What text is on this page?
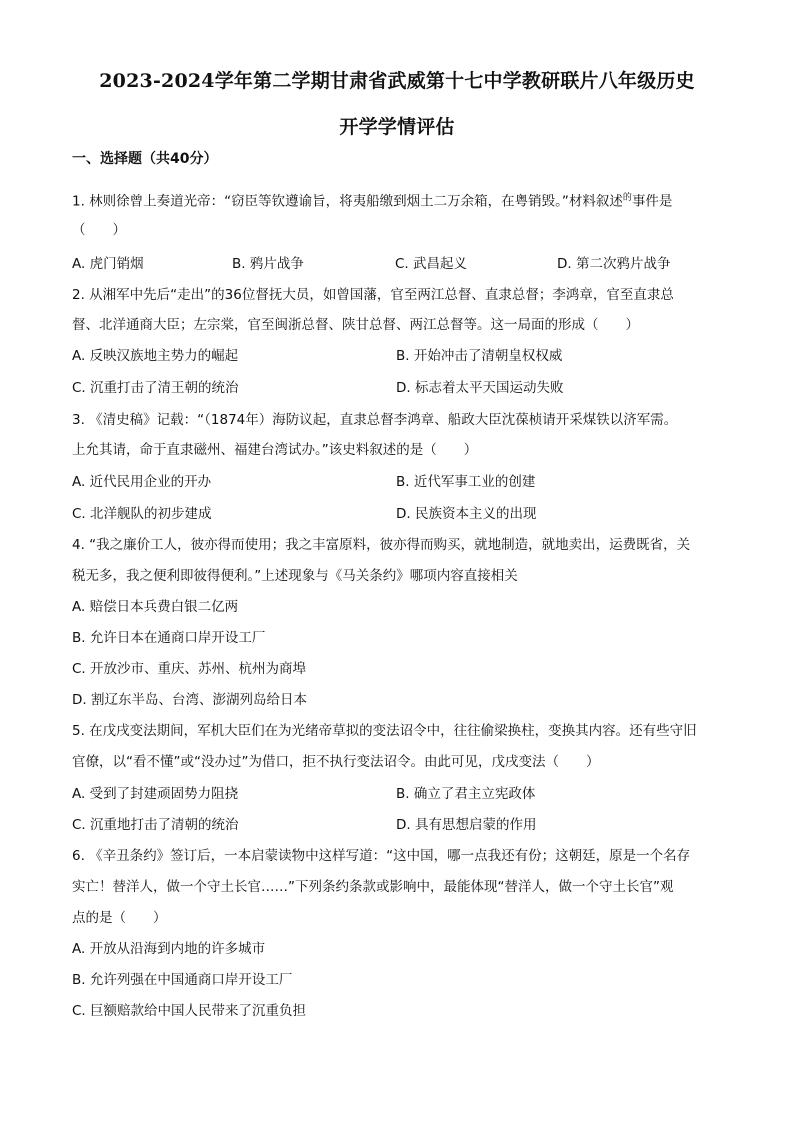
2023-2024学年第二学期甘肃省武威第十七中学教研联片八年级历史
开学学情评估
一、选择题（共40分）
1. 林则徐曾上奏道光帝：“窃臣等钦遵谕旨，将夷船缴到烟土二万余箱，在粤销毁。”材料叙述$^的$事件是
（　　）
A. 虎门销烟	B. 鸦片战争	C. 武昌起义	D. 第二次鸦片战争
2. 从湘军中先后“走出”的36位督抚大员，如曾国藩，官至两江总督、直隶总督；李鸿章，官至直隶总
督、北洋通商大臣；左宗棠，官至闽浙总督、陕甘总督、两江总督等。这一局面的形成（　　）
A. 反映汉族地主势力的崛起	B. 开始冲击了清朝皇权权威
C. 沉重打击了清王朝的统治	D. 标志着太平天国运动失败
3. 《清史稿》记载：“（1874年）海防议起，直隶总督李鸿章、船政大臣沈葆桢请开采煤铁以济军需。
上允其请，命于直隶磁州、福建台湾试办。”该史料叙述的是（　　）
A. 近代民用企业的开办	B. 近代军事工业的创建
C. 北洋舰队的初步建成	D. 民族资本主义的出现
4. “我之廉价工人，彼亦得而使用；我之丰富原料，彼亦得而购买，就地制造，就地卖出，运费既省，关
税无多，我之便利即彼得便利。”上述现象与《马关条约》哪项内容直接相关
A. 赔偿日本兵费白银二亿两
B. 允许日本在通商口岸开设工厂
C. 开放沙市、重庆、苏州、杭州为商埠
D. 割辽东半岛、台湾、澎湖列岛给日本
5. 在戊戌变法期间，军机大臣们在为光绪帝草拟的变法诏令中，往往偷梁换柱，变换其内容。还有些守旧
官僚，以“看不懂”或“没办过”为借口，拒不执行变法诏令。由此可见，戊戌变法（　　）
A. 受到了封建顽固势力阻挠	B. 确立了君主立宪政体
C. 沉重地打击了清朝的统治	D. 具有思想启蒙的作用
6. 《辛丑条约》签订后，一本启蒙读物中这样写道：“这中国，哪一点我还有份；这朝廷，原是一个名存
实亡！替洋人，做一个守土长官……”下列条约条款或影响中，最能体现“替洋人，做一个守土长官”观
点的是（　　）
A. 开放从沿海到内地的许多城市
B. 允许列强在中国通商口岸开设工厂
C. 巨额赔款给中国人民带来了沉重负担
